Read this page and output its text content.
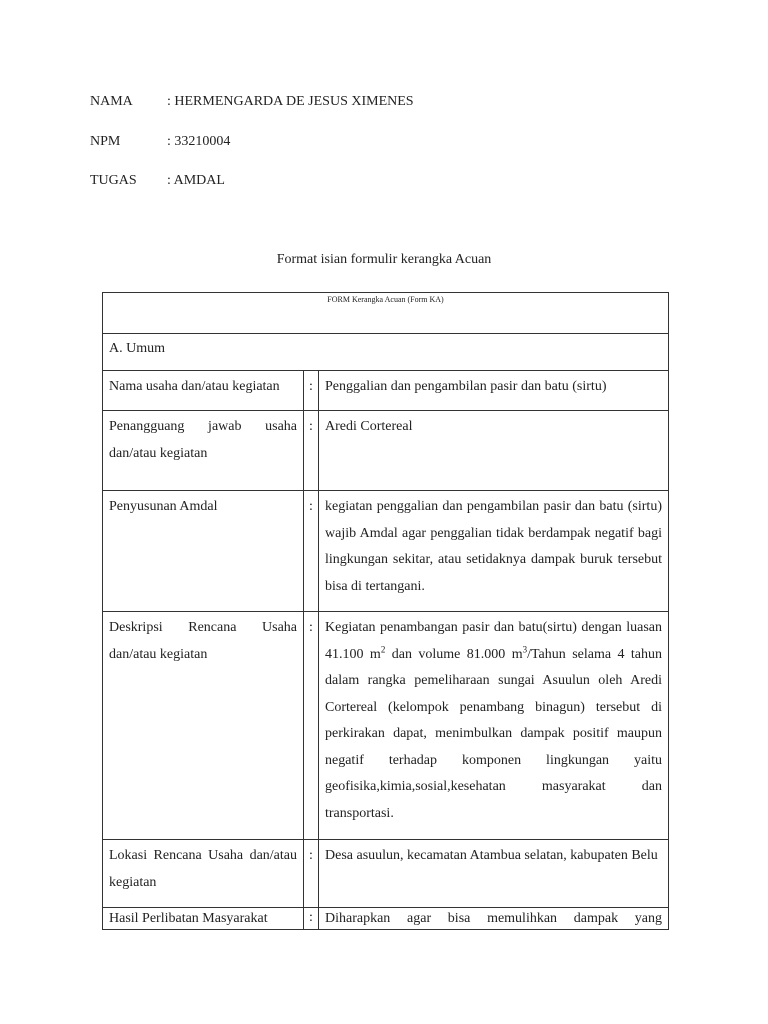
NAMA	: HERMENGARDA DE JESUS XIMENES
NPM	: 33210004
TUGAS	: AMDAL
Format isian formulir kerangka Acuan
FORM Kerangka Acuan (Form KA)		
A. Umum		
Nama usaha dan/atau kegiatan	:	Penggalian dan pengambilan pasir dan batu (sirtu)
Penangguang jawab usaha dan/atau kegiatan	:	Aredi Cortereal
Penyusunan Amdal	:	kegiatan penggalian dan pengambilan pasir dan batu (sirtu) wajib Amdal agar penggalian tidak berdampak negatif bagi lingkungan sekitar, atau setidaknya dampak buruk tersebut bisa di tertangani.
Deskripsi Rencana Usaha dan/atau kegiatan	:	Kegiatan penambangan pasir dan batu(sirtu) dengan luasan 41.100 $m^2$ dan volume 81.000 $m^3$/Tahun selama 4 tahun dalam rangka pemeliharaan sungai Asuulun oleh Aredi Cortereal (kelompok penambang binagun) tersebut di perkirakan dapat, menimbulkan dampak positif maupun negatif terhadap komponen lingkungan yaitu geofisika,kimia,sosial,kesehatan masyarakat dan transportasi.
Lokasi Rencana Usaha dan/atau kegiatan	:	Desa asuulun, kecamatan Atambua selatan, kabupaten Belu
Hasil Perlibatan Masyarakat	:	Diharapkan agar bisa memulihkan dampak yang
